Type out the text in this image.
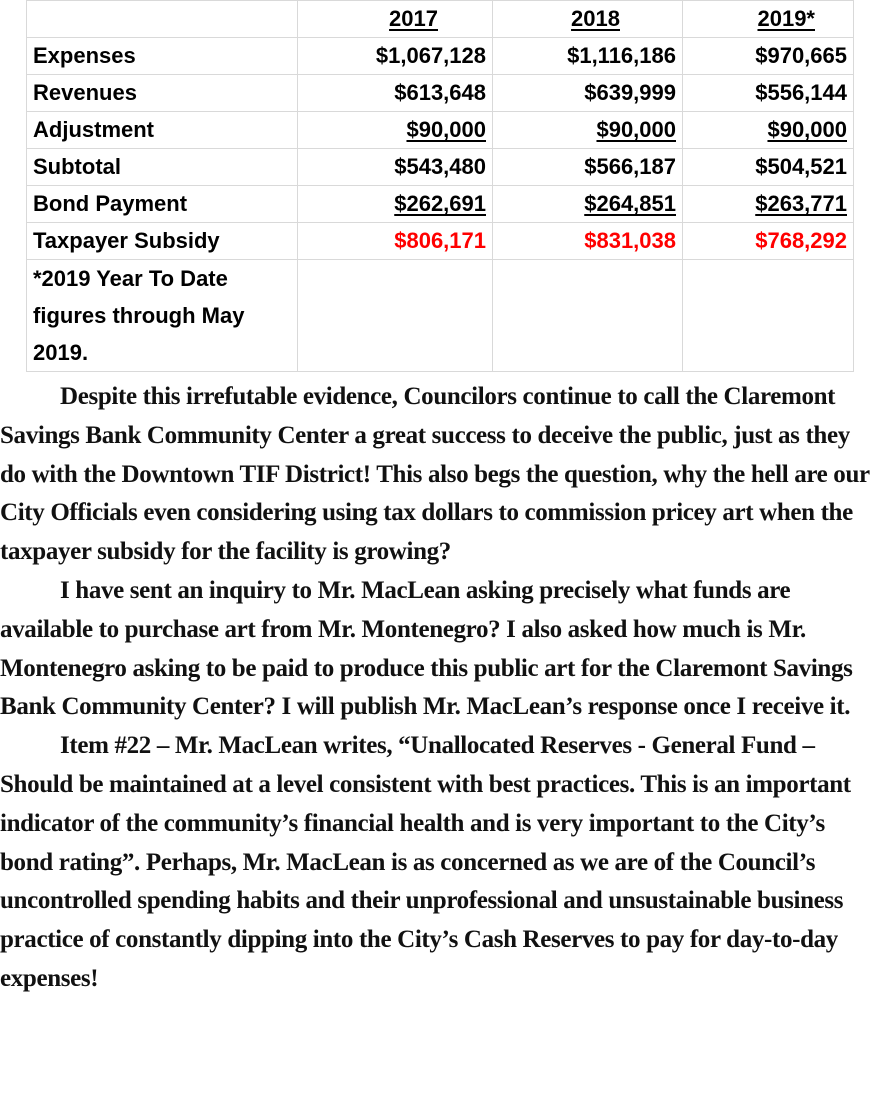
	2017	2018	2019*
Expenses	$1,067,128	$1,116,186	$970,665
Revenues	$613,648	$639,999	$556,144
Adjustment	$90,000	$90,000	$90,000
Subtotal	$543,480	$566,187	$504,521
Bond Payment	$262,691	$264,851	$263,771
Taxpayer Subsidy	$806,171	$831,038	$768,292
*2019 Year To Date figures through May 2019.			

Despite this irrefutable evidence, Councilors continue to call the Claremont Savings Bank Community Center a great success to deceive the public, just as they do with the Downtown TIF District! This also begs the question, why the hell are our City Officials even considering using tax dollars to commission pricey art when the taxpayer subsidy for the facility is growing?

I have sent an inquiry to Mr. MacLean asking precisely what funds are available to purchase art from Mr. Montenegro? I also asked how much is Mr. Montenegro asking to be paid to produce this public art for the Claremont Savings Bank Community Center? I will publish Mr. MacLean’s response once I receive it.

Item #22 – Mr. MacLean writes, “Unallocated Reserves - General Fund – Should be maintained at a level consistent with best practices. This is an important indicator of the community’s financial health and is very important to the City’s bond rating”. Perhaps, Mr. MacLean is as concerned as we are of the Council’s uncontrolled spending habits and their unprofessional and unsustainable business practice of constantly dipping into the City’s Cash Reserves to pay for day-to-day expenses!
